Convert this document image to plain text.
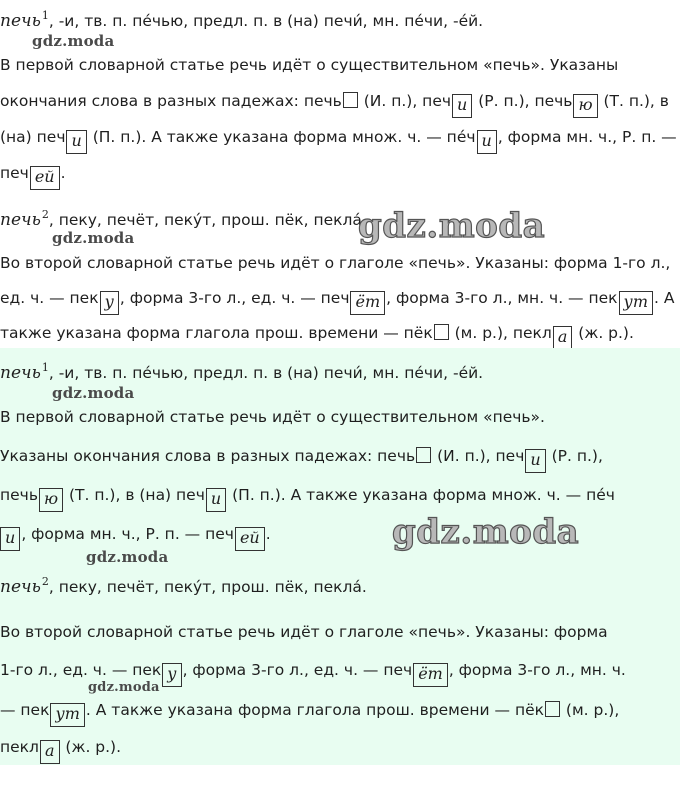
печь$^1$, -и, тв. п. пе́чью, предл. п. в (на) печи́, мн. пе́чи, -е́й.
gdz.moda
В первой словарной статье речь идёт о существительном «печь». Указаны
окончания слова в разных падежах: печь (И. п.), печ и (Р. п.), печь ю (Т. п.), в
(на) печ и (П. п.). А также указана форма множ. ч. — пе́ч и , форма мн. ч., Р. п. —
печ ей .
печь$^2$, пеку, печёт, пеку́т, прош. пёк, пекла́.
gdz.moda
gdz.moda
Во второй словарной статье речь идёт о глаголе «печь». Указаны: форма 1-го л.,
ед. ч. — пек у , форма 3-го л., ед. ч. — печ ёт , форма 3-го л., мн. ч. — пек ут . А
также указана форма глагола прош. времени — пёк (м. р.), пекл а (ж. р.).
печь$^1$, -и, тв. п. пе́чью, предл. п. в (на) печи́, мн. пе́чи, -е́й.
gdz.moda
В первой словарной статье речь идёт о существительном «печь».
Указаны окончания слова в разных падежах: печь (И. п.), печ и (Р. п.),
печь ю (Т. п.), в (на) печ и (П. п.). А также указана форма множ. ч. — пе́ч
и , форма мн. ч., Р. п. — печ ей .	gdz.moda
gdz.moda
печь$^2$, пеку, печёт, пеку́т, прош. пёк, пекла́.
Во второй словарной статье речь идёт о глаголе «печь». Указаны: форма
1-го л., ед. ч. — пек у , форма 3-го л., ед. ч. — печ ёт , форма 3-го л., мн. ч.
gdz.moda
— пек ут . А также указана форма глагола прош. времени — пёк (м. р.),
пекл а (ж. р.).
